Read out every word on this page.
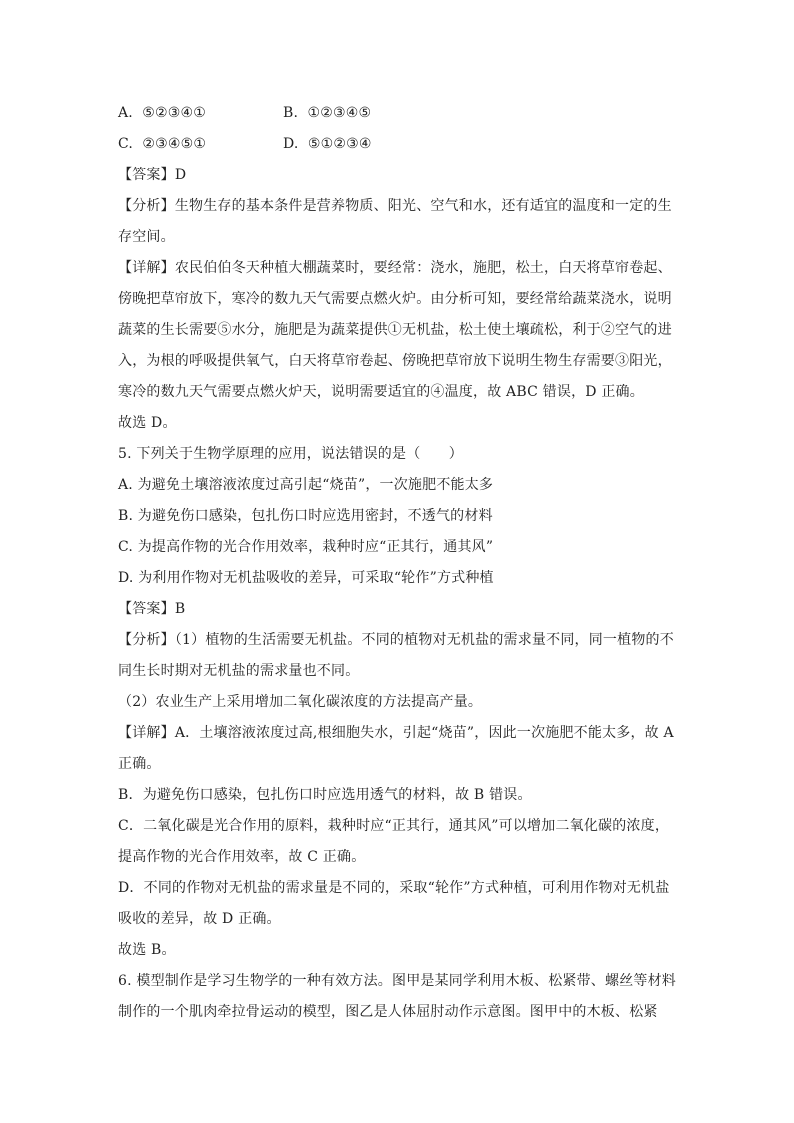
A. ⑤②③④①	B. ①②③④⑤
C. ②③④⑤①	D. ⑤①②③④
【答案】D
【分析】生物生存的基本条件是营养物质、阳光、空气和水，还有适宜的温度和一定的生
存空间。
【详解】农民伯伯冬天种植大棚蔬菜时，要经常：浇水，施肥，松土，白天将草帘卷起、
傍晚把草帘放下，寒冷的数九天气需要点燃火炉。由分析可知，要经常给蔬菜浇水，说明
蔬菜的生长需要⑤水分，施肥是为蔬菜提供①无机盐，松土使土壤疏松，利于②空气的进
入，为根的呼吸提供氧气，白天将草帘卷起、傍晚把草帘放下说明生物生存需要③阳光，
寒冷的数九天气需要点燃火炉天，说明需要适宜的④温度，故 ABC 错误，D 正确。
故选 D。
5. 下列关于生物学原理的应用，说法错误的是（　　）
A. 为避免土壤溶液浓度过高引起“烧苗”，一次施肥不能太多
B. 为避免伤口感染，包扎伤口时应选用密封，不透气的材料
C. 为提高作物的光合作用效率，栽种时应“正其行，通其风”
D. 为利用作物对无机盐吸收的差异，可采取“轮作”方式种植
【答案】B
【分析】（1）植物的生活需要无机盐。不同的植物对无机盐的需求量不同，同一植物的不
同生长时期对无机盐的需求量也不同。
（2）农业生产上采用增加二氧化碳浓度的方法提高产量。
【详解】A．土壤溶液浓度过高,根细胞失水，引起“烧苗”，因此一次施肥不能太多，故 A
正确。
B．为避免伤口感染，包扎伤口时应选用透气的材料，故 B 错误。
C．二氧化碳是光合作用的原料，栽种时应“正其行，通其风”可以增加二氧化碳的浓度，
提高作物的光合作用效率，故 C 正确。
D．不同的作物对无机盐的需求量是不同的，采取“轮作”方式种植，可利用作物对无机盐
吸收的差异，故 D 正确。
故选 B。
6. 模型制作是学习生物学的一种有效方法。图甲是某同学利用木板、松紧带、螺丝等材料
制作的一个肌肉牵拉骨运动的模型，图乙是人体屈肘动作示意图。图甲中的木板、松紧
